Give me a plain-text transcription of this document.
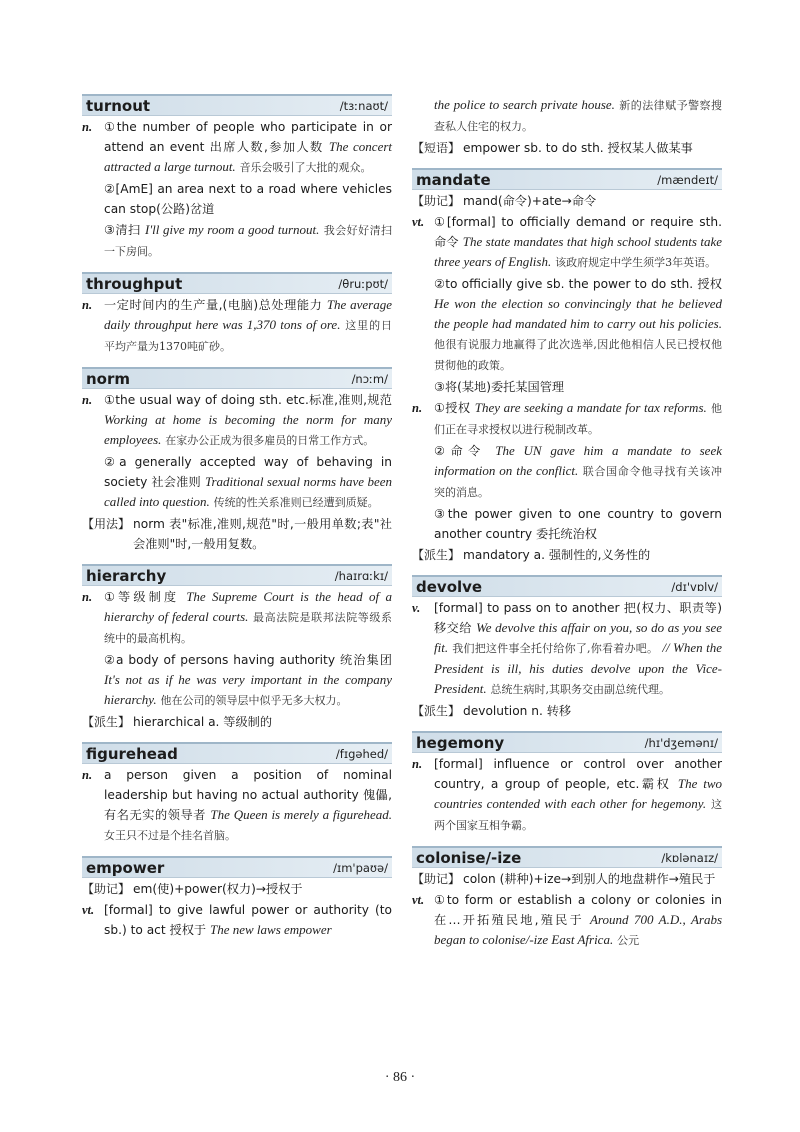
turnout	/tɜːnaʊt/
n. ①the number of people who participate in or attend an event 出席人数,参加人数 The concert attracted a large turnout. 音乐会吸引了大批的观众。
②[AmE] an area next to a road where vehicles can stop(公路)岔道
③清扫 I'll give my room a good turnout. 我会好好清扫一下房间。
throughput	/θruːpʊt/
n. 一定时间内的生产量,(电脑)总处理能力 The average daily throughput here was 1,370 tons of ore. 这里的日平均产量为1370吨矿砂。
norm	/nɔːm/
n. ①the usual way of doing sth. etc.标准,准则,规范 Working at home is becoming the norm for many employees. 在家办公正成为很多雇员的日常工作方式。
②a generally accepted way of behaving in society 社会准则 Traditional sexual norms have been called into question. 传统的性关系准则已经遭到质疑。
【用法】 norm 表"标准,准则,规范"时,一般用单数;表"社会准则"时,一般用复数。
hierarchy	/haɪrɑːkɪ/
n. ①等级制度 The Supreme Court is the head of a hierarchy of federal courts. 最高法院是联邦法院等级系统中的最高机构。
②a body of persons having authority 统治集团 It's not as if he was very important in the company hierarchy. 他在公司的领导层中似乎无多大权力。
【派生】 hierarchical a. 等级制的
figurehead	/fɪgəhed/
n. a person given a position of nominal leadership but having no actual authority 傀儡,有名无实的领导者 The Queen is merely a figurehead. 女王只不过是个挂名首脑。
empower	/ɪm'paʊə/
【助记】 em(使)+power(权力)→授权于
vt. [formal] to give lawful power or authority (to sb.) to act 授权于 The new laws empower
the police to search private house. 新的法律赋予警察搜查私人住宅的权力。
【短语】 empower sb. to do sth. 授权某人做某事
mandate	/mændeɪt/
【助记】 mand(命令)+ate→命令
vt. ①[formal] to officially demand or require sth. 命令 The state mandates that high school students take three years of English. 该政府规定中学生须学3年英语。
②to officially give sb. the power to do sth. 授权 He won the election so convincingly that he believed the people had mandated him to carry out his policies. 他很有说服力地赢得了此次选举,因此他相信人民已授权他贯彻他的政策。
③将(某地)委托某国管理
n. ①授权 They are seeking a mandate for tax reforms. 他们正在寻求授权以进行税制改革。
②命令 The UN gave him a mandate to seek information on the conflict. 联合国命令他寻找有关该冲突的消息。
③the power given to one country to govern another country 委托统治权
【派生】 mandatory a. 强制性的,义务性的
devolve	/dɪ'vɒlv/
v.	[formal] to pass on to another 把(权力、职责等)移交给 We devolve this affair on you, so do as you see fit. 我们把这件事全托付给你了,你看着办吧。 // When the President is ill, his duties devolve upon the Vice-President. 总统生病时,其职务交由副总统代理。
【派生】 devolution n. 转移
hegemony	/hɪ'dʒemənɪ/
n. [formal] influence or control over another country, a group of people, etc.霸权 The two countries contended with each other for hegemony. 这两个国家互相争霸。
colonise/-ize	/kɒlənaɪz/
【助记】 colon (耕种)+ize→到别人的地盘耕作→殖民于
vt. ①to form or establish a colony or colonies in 在…开拓殖民地,殖民于 Around 700 A.D., Arabs began to colonise/-ize East Africa. 公元
· 86 ·
